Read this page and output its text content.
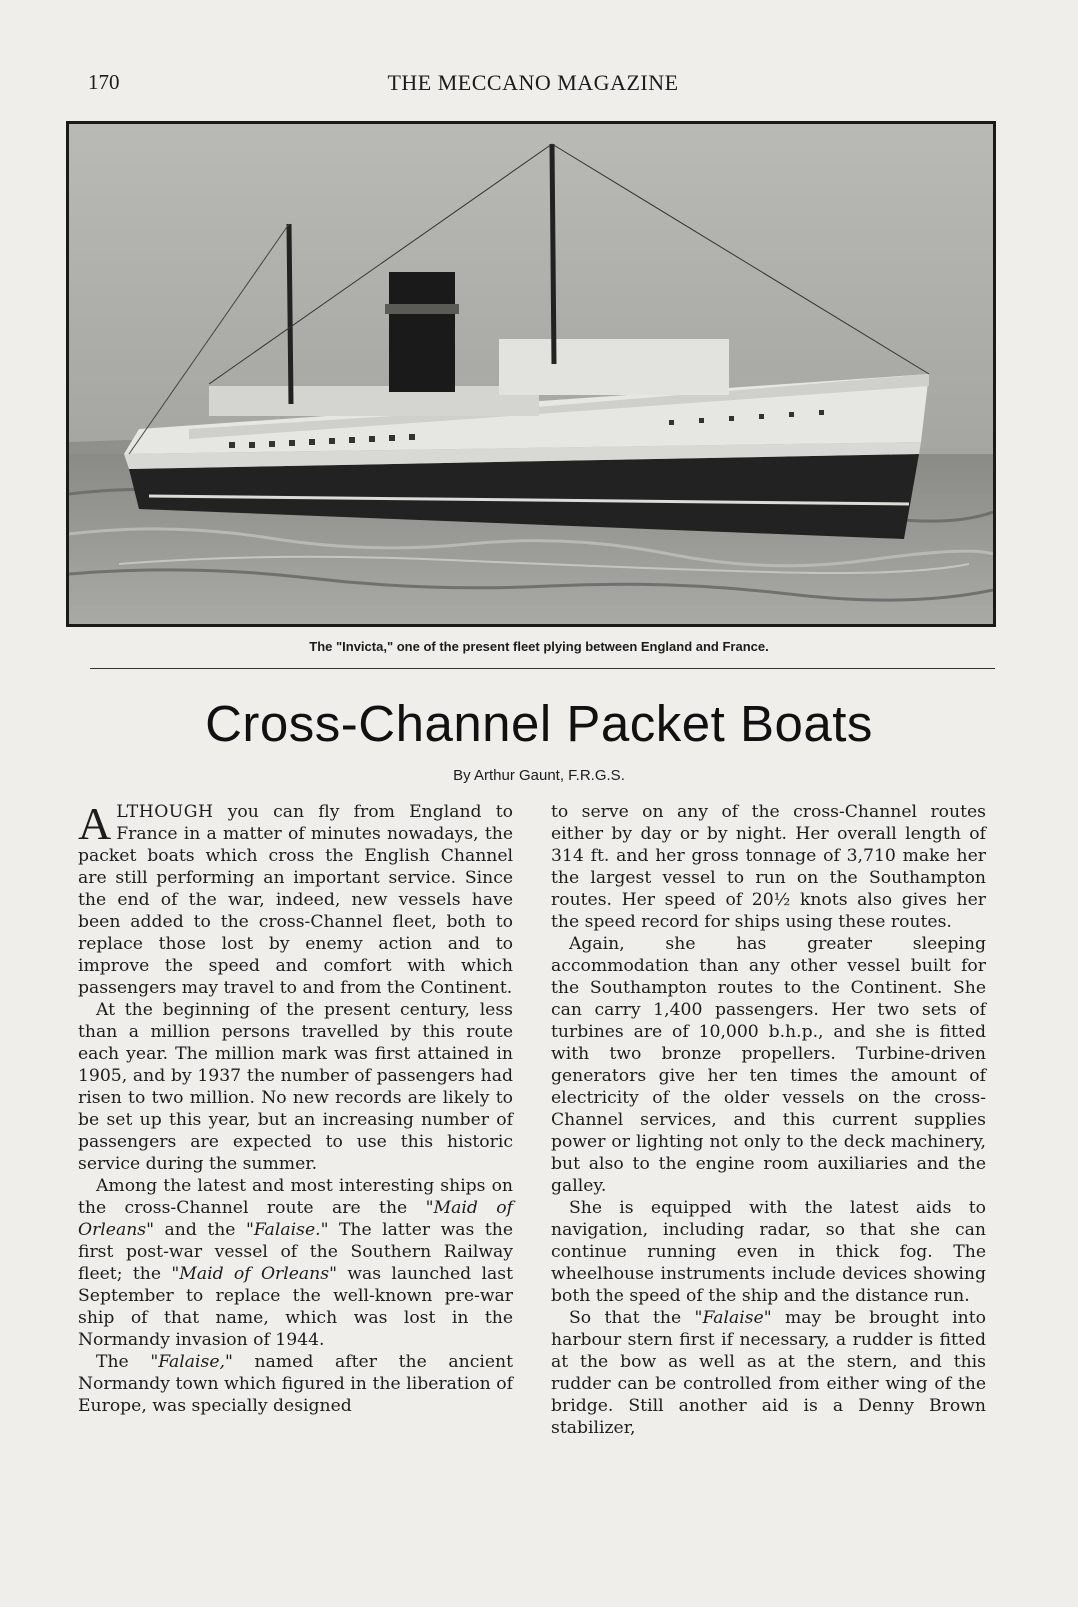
170	THE MECCANO MAGAZINE
The "Invicta," one of the present fleet plying between England and France.
Cross-Channel Packet Boats
By Arthur Gaunt, F.R.G.S.

ALTHOUGH you can fly from England to France in a matter of minutes nowadays, the packet boats which cross the English Channel are still performing an important service. Since the end of the war, indeed, new vessels have been added to the cross-Channel fleet, both to replace those lost by enemy action and to improve the speed and comfort with which passengers may travel to and from the Continent.

At the beginning of the present century, less than a million persons travelled by this route each year. The million mark was first attained in 1905, and by 1937 the number of passengers had risen to two million. No new records are likely to be set up this year, but an increasing number of passengers are expected to use this historic service during the summer.

Among the latest and most interesting ships on the cross-Channel route are the "Maid of Orleans" and the "Falaise." The latter was the first post-war vessel of the Southern Railway fleet; the "Maid of Orleans" was launched last September to replace the well-known pre-war ship of that name, which was lost in the Normandy invasion of 1944.

The "Falaise," named after the ancient Normandy town which figured in the liberation of Europe, was specially designed

to serve on any of the cross-Channel routes either by day or by night. Her overall length of 314 ft. and her gross tonnage of 3,710 make her the largest vessel to run on the Southampton routes. Her speed of 20½ knots also gives her the speed record for ships using these routes.

Again, she has greater sleeping accommodation than any other vessel built for the Southampton routes to the Continent. She can carry 1,400 passengers. Her two sets of turbines are of 10,000 b.h.p., and she is fitted with two bronze propellers. Turbine-driven generators give her ten times the amount of electricity of the older vessels on the cross-Channel services, and this current supplies power or lighting not only to the deck machinery, but also to the engine room auxiliaries and the galley.

She is equipped with the latest aids to navigation, including radar, so that she can continue running even in thick fog. The wheelhouse instruments include devices showing both the speed of the ship and the distance run.

So that the "Falaise" may be brought into harbour stern first if necessary, a rudder is fitted at the bow as well as at the stern, and this rudder can be controlled from either wing of the bridge. Still another aid is a Denny Brown stabilizer,
